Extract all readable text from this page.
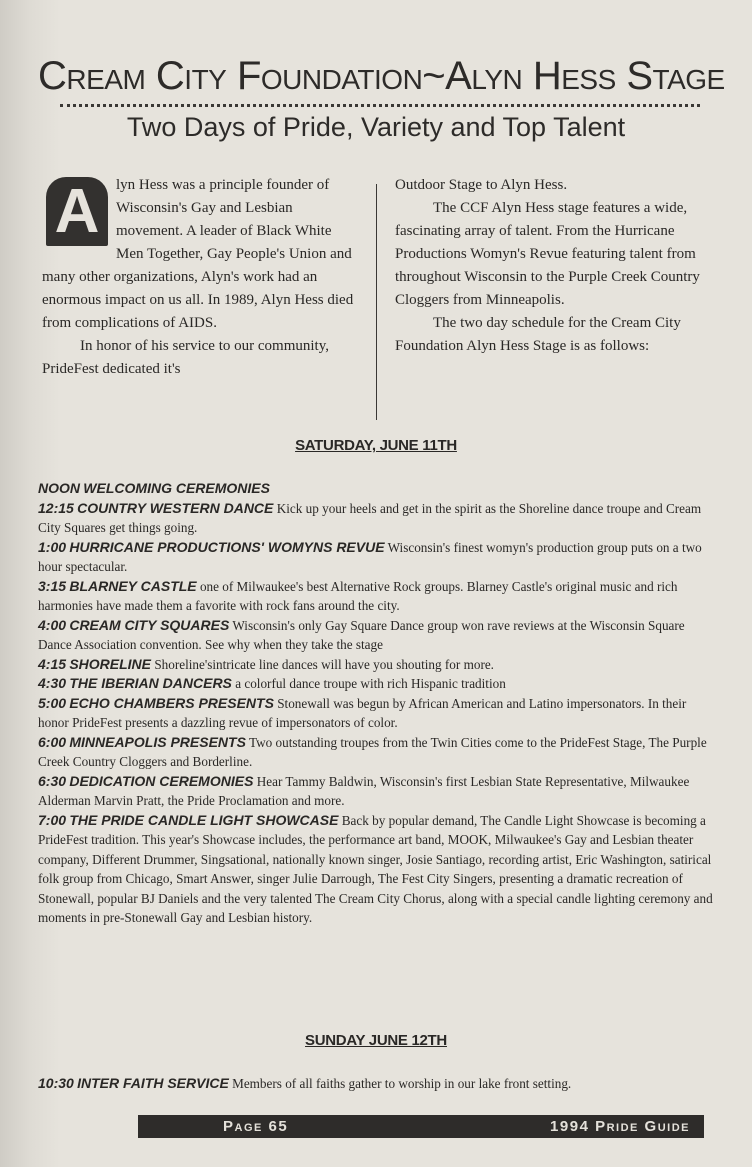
Cream City Foundation~Alyn Hess Stage
Two Days of Pride, Variety and Top Talent
A	lyn Hess was a principle founder of Wisconsin's Gay and Lesbian movement. A leader of Black White Men Together, Gay People's Union and many other organizations, Alyn's work had an enormous impact on us all. In 1989, Alyn Hess died from complications of AIDS.

In honor of his service to our community, PrideFest dedicated it's

Outdoor Stage to Alyn Hess.

The CCF Alyn Hess stage features a wide, fascinating array of talent. From the Hurricane Productions Womyn's Revue featuring talent from throughout Wisconsin to the Purple Creek Country Cloggers from Minneapolis.

The two day schedule for the Cream City Foundation Alyn Hess Stage is as follows:

SATURDAY, JUNE 11TH

NOON WELCOMING CEREMONIES

12:15 COUNTRY WESTERN DANCE Kick up your heels and get in the spirit as the Shoreline dance troupe and Cream City Squares get things going.

1:00 HURRICANE PRODUCTIONS' WOMYNS REVUE Wisconsin's finest womyn's production group puts on a two hour spectacular.

3:15 BLARNEY CASTLE one of Milwaukee's best Alternative Rock groups. Blarney Castle's original music and rich harmonies have made them a favorite with rock fans around the city.

4:00 CREAM CITY SQUARES Wisconsin's only Gay Square Dance group won rave reviews at the Wisconsin Square Dance Association convention. See why when they take the stage

4:15 SHORELINE Shoreline'sintricate line dances will have you shouting for more.

4:30 THE IBERIAN DANCERS a colorful dance troupe with rich Hispanic tradition

5:00 ECHO CHAMBERS PRESENTS Stonewall was begun by African American and Latino impersonators. In their honor PrideFest presents a dazzling revue of impersonators of color.

6:00 MINNEAPOLIS PRESENTS Two outstanding troupes from the Twin Cities come to the PrideFest Stage, The Purple Creek Country Cloggers and Borderline.

6:30 DEDICATION CEREMONIES Hear Tammy Baldwin, Wisconsin's first Lesbian State Representative, Milwaukee Alderman Marvin Pratt, the Pride Proclamation and more.

7:00 THE PRIDE CANDLE LIGHT SHOWCASE Back by popular demand, The Candle Light Showcase is becoming a PrideFest tradition. This year's Showcase includes, the performance art band, MOOK, Milwaukee's Gay and Lesbian theater company, Different Drummer, Singsational, nationally known singer, Josie Santiago, recording artist, Eric Washington, satirical folk group from Chicago, Smart Answer, singer Julie Darrough, The Fest City Singers, presenting a dramatic recreation of Stonewall, popular BJ Daniels and the very talented The Cream City Chorus, along with a special candle lighting ceremony and moments in pre-Stonewall Gay and Lesbian history.

SUNDAY JUNE 12TH

10:30 INTER FAITH SERVICE Members of all faiths gather to worship in our lake front setting.

Page 65	1994 Pride Guide
